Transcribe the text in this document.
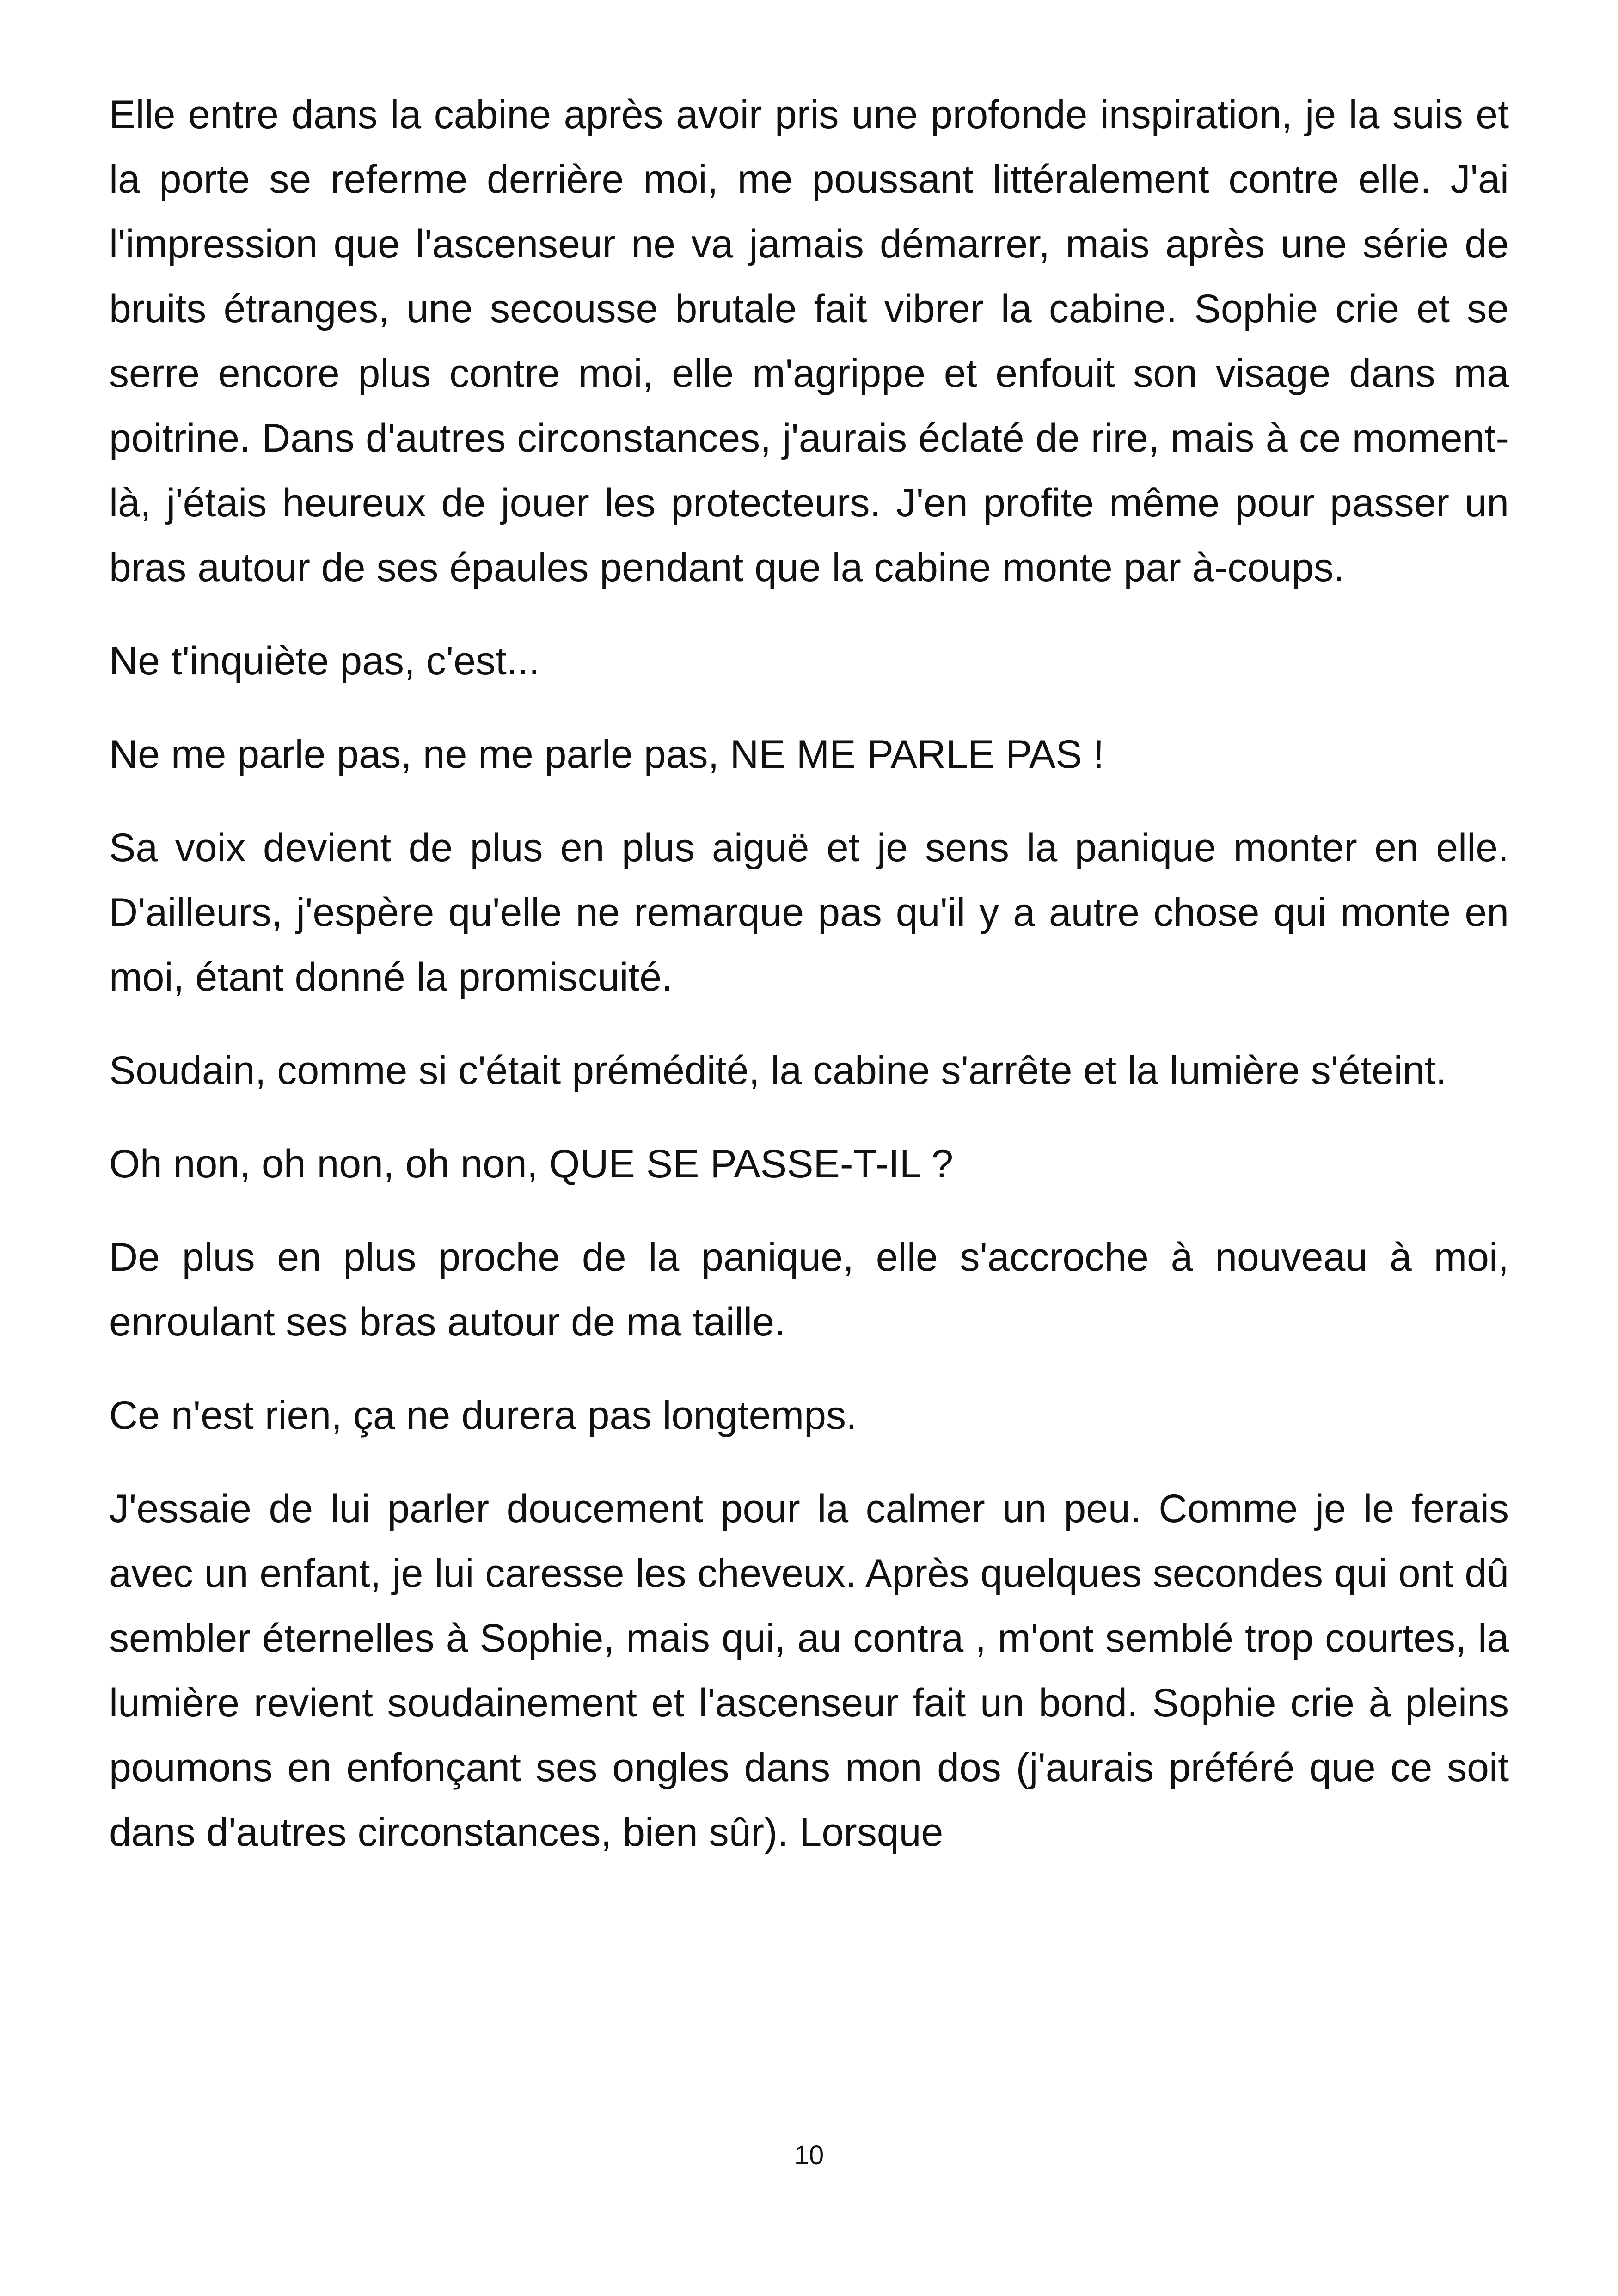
Elle entre dans la cabine après avoir pris une profonde inspiration, je la suis et la porte se referme derrière moi, me poussant littéralement contre elle. J'ai l'impression que l'ascenseur ne va jamais démarrer, mais après une série de bruits étranges, une secousse brutale fait vibrer la cabine. Sophie crie et se serre encore plus contre moi, elle m'agrippe et enfouit son visage dans ma poitrine. Dans d'autres circonstances, j'aurais éclaté de rire, mais à ce moment-là, j'étais heureux de jouer les protecteurs. J'en profite même pour passer un bras autour de ses épaules pendant que la cabine monte par à-coups.

Ne t'inquiète pas, c'est...

Ne me parle pas, ne me parle pas, NE ME PARLE PAS !

Sa voix devient de plus en plus aiguë et je sens la panique monter en elle. D'ailleurs, j'espère qu'elle ne remarque pas qu'il y a autre chose qui monte en moi, étant donné la promiscuité.

Soudain, comme si c'était prémédité, la cabine s'arrête et la lumière s'éteint.

Oh non, oh non, oh non, QUE SE PASSE-T-IL ?

De plus en plus proche de la panique, elle s'accroche à nouveau à moi, enroulant ses bras autour de ma taille.

Ce n'est rien, ça ne durera pas longtemps.

J'essaie de lui parler doucement pour la calmer un peu. Comme je le ferais avec un enfant, je lui caresse les cheveux. Après quelques secondes qui ont dû sembler éternelles à Sophie, mais qui, au contra , m'ont semblé trop courtes, la lumière revient soudainement et l'ascenseur fait un bond. Sophie crie à pleins poumons en enfonçant ses ongles dans mon dos (j'aurais préféré que ce soit dans d'autres circonstances, bien sûr). Lorsque

10
